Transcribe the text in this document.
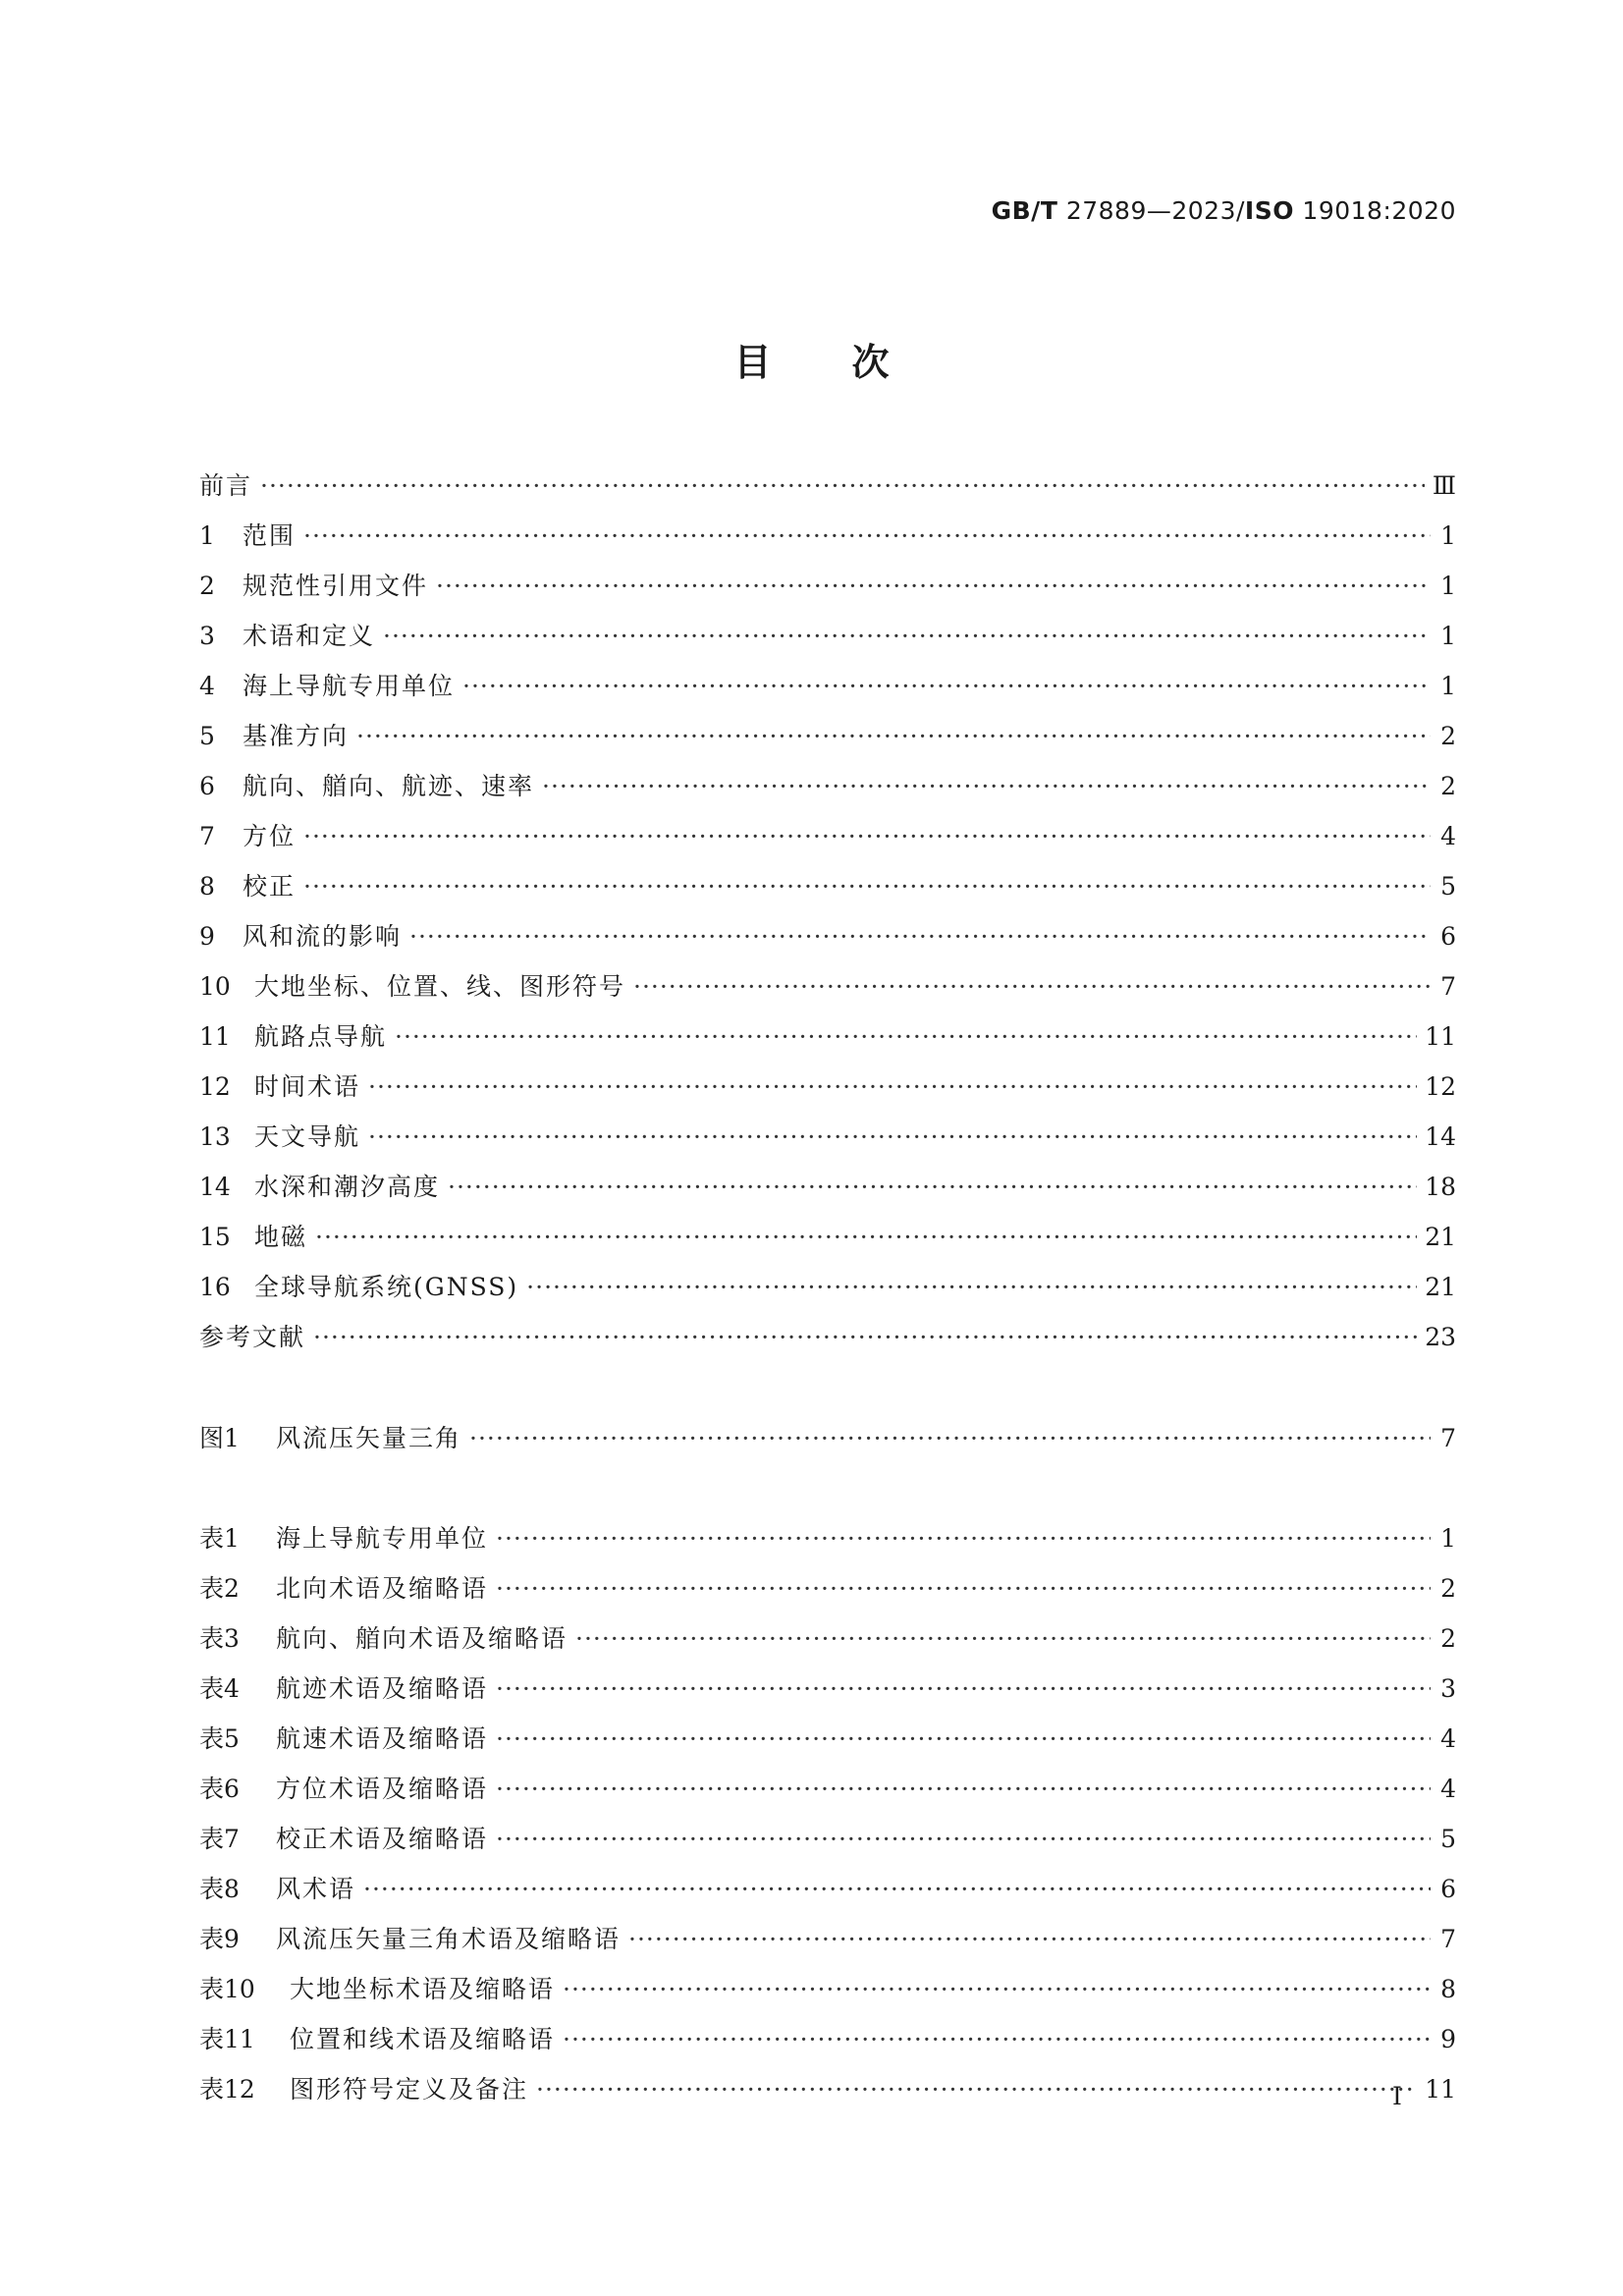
GB/T 27889—2023/ISO 19018:2020
目次
前言 ·····	Ⅲ
1	范围 ·····	1
2	规范性引用文件 ·····	1
3	术语和定义 ·····	1
4	海上导航专用单位 ·····	1
5	基准方向 ·····	2
6	航向、艏向、航迹、速率 ·····	2
7	方位 ·····	4
8	校正 ·····	5
9	风和流的影响 ·····	6
10 大地坐标、位置、线、图形符号 ·····	7
11 航路点导航 ·····	11
12 时间术语 ·····	12
13 天文导航 ·····	14
14 水深和潮汐高度 ·····	18
15 地磁 ·····	21
16 全球导航系统(GNSS) ·····	21
参考文献 ·····	23
图1	风流压矢量三角 ·····	7
表1	海上导航专用单位 ·····	1
表2	北向术语及缩略语 ·····	2
表3	航向、艏向术语及缩略语 ·····	2
表4	航迹术语及缩略语 ·····	3
表5	航速术语及缩略语 ·····	4
表6	方位术语及缩略语 ·····	4
表7	校正术语及缩略语 ·····	5
表8	风术语 ·····	6
表9	风流压矢量三角术语及缩略语 ·····	7
表10	大地坐标术语及缩略语 ·····	8
表11	位置和线术语及缩略语 ·····	9
表12	图形符号定义及备注 ·····	11
I
